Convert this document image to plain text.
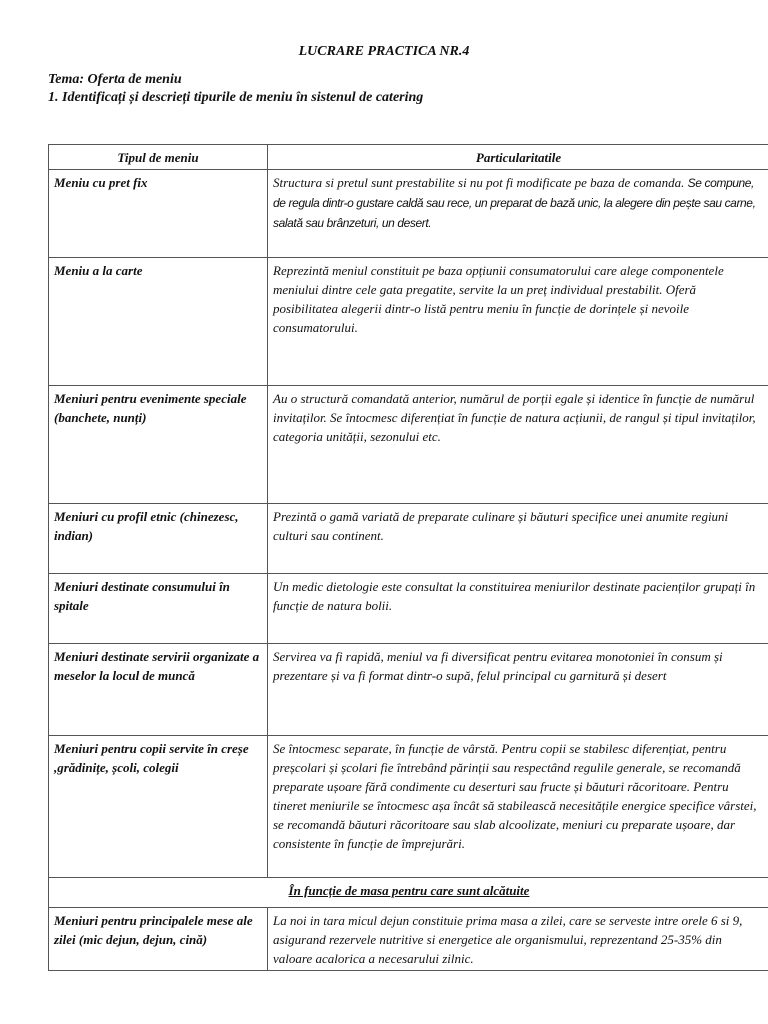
LUCRARE PRACTICA NR.4
Tema: Oferta de meniu
1. Identificați și descrieți tipurile de meniu în sistenul de catering
Tipul de meniu	Particularitatile
Meniu cu pret fix	Structura si pretul sunt prestabilite si nu pot fi modificate pe baza de comanda. Se compune, de regula dintr-o gustare caldă sau rece, un preparat de bază unic, la alegere din pește sau carne, salată sau brânzeturi, un desert.
Meniu a la carte	Reprezintă meniul constituit pe baza opțiunii consumatorului care alege componentele meniului dintre cele gata pregatite, servite la un preț individual prestabilit. Oferă posibilitatea alegerii dintr-o listă pentru meniu în funcție de dorințele și nevoile consumatorului.
Meniuri pentru evenimente speciale (banchete, nunți)	Au o structură comandată anterior, numărul de porții egale și identice în funcție de numărul invitaților. Se întocmesc diferențiat în funcție de natura acțiunii, de rangul și tipul invitaților, categoria unității, sezonului etc.
Meniuri cu profil etnic (chinezesc, indian)	Prezintă o gamă variată de preparate culinare și băuturi specifice unei anumite regiuni culturi sau continent.
Meniuri destinate consumului în spitale	Un medic dietologie este consultat la constituirea meniurilor destinate pacienților grupați în funcție de natura bolii.
Meniuri destinate servirii organizate a meselor la locul de muncă	Servirea va fi rapidă, meniul va fi diversificat pentru evitarea monotoniei în consum și prezentare și va fi format dintr-o supă, felul principal cu garnitură și desert
Meniuri pentru copii servite în creșe ,grădinițe, școli, colegii	Se întocmesc separate, în funcție de vârstă. Pentru copii se stabilesc diferențiat, pentru preșcolari și școlari fie întrebând părinții sau respectând regulile generale, se recomandă preparate ușoare fără condimente cu deserturi sau fructe și băuturi răcoritoare. Pentru tineret meniurile se întocmesc așa încât să stabilească necesitățile energice specifice vârstei, se recomandă băuturi răcoritoare sau slab alcoolizate, meniuri cu preparate ușoare, dar consistente în funcție de împrejurări.
În funcție de masa pentru care sunt alcătuite	
Meniuri pentru principalele mese ale zilei (mic dejun, dejun, cină)	La noi in tara micul dejun constituie prima masa a zilei, care se serveste intre orele 6 si 9, asigurand rezervele nutritive si energetice ale organismului, reprezentand 25-35% din valoare acalorica a necesarului zilnic.
